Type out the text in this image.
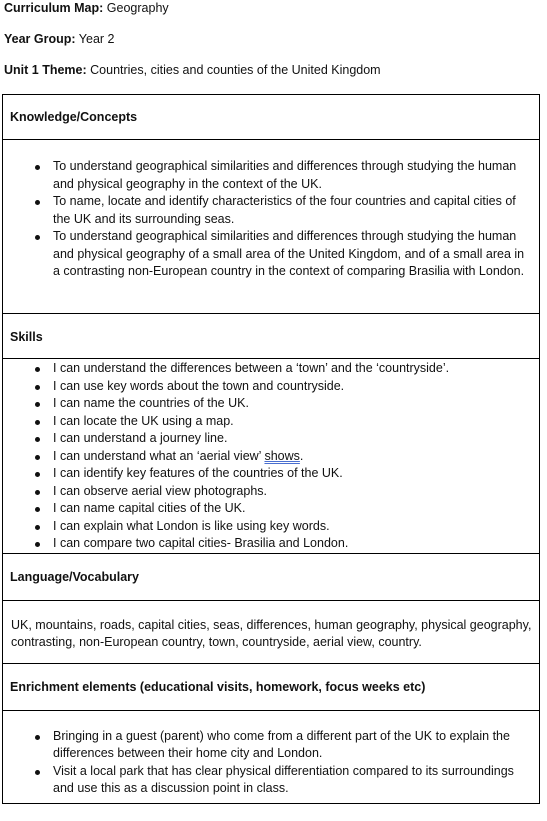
Curriculum Map: Geography
Year Group: Year 2
Unit 1 Theme: Countries, cities and counties of the United Kingdom
Knowledge/Concepts

To understand geographical similarities and differences through studying the human and physical geography in the context of the UK.
To name, locate and identify characteristics of the four countries and capital cities of the UK and its surrounding seas.
To understand geographical similarities and differences through studying the human and physical geography of a small area of the United Kingdom, and of a small area in a contrasting non-European country in the context of comparing Brasilia with London.

Skills

I can understand the differences between a ‘town’ and the ‘countryside’.
I can use key words about the town and countryside.
I can name the countries of the UK.
I can locate the UK using a map.
I can understand a journey line.
I can understand what an ‘aerial view’ shows.
I can identify key features of the countries of the UK.
I can observe aerial view photographs.
I can name capital cities of the UK.
I can explain what London is like using key words.
I can compare two capital cities- Brasilia and London.

Language/Vocabulary

UK, mountains, roads, capital cities, seas, differences, human geography, physical geography, contrasting, non-European country, town, countryside, aerial view, country.

Enrichment elements (educational visits, homework, focus weeks etc)

Bringing in a guest (parent) who come from a different part of the UK to explain the differences between their home city and London.
Visit a local park that has clear physical differentiation compared to its surroundings and use this as a discussion point in class.
